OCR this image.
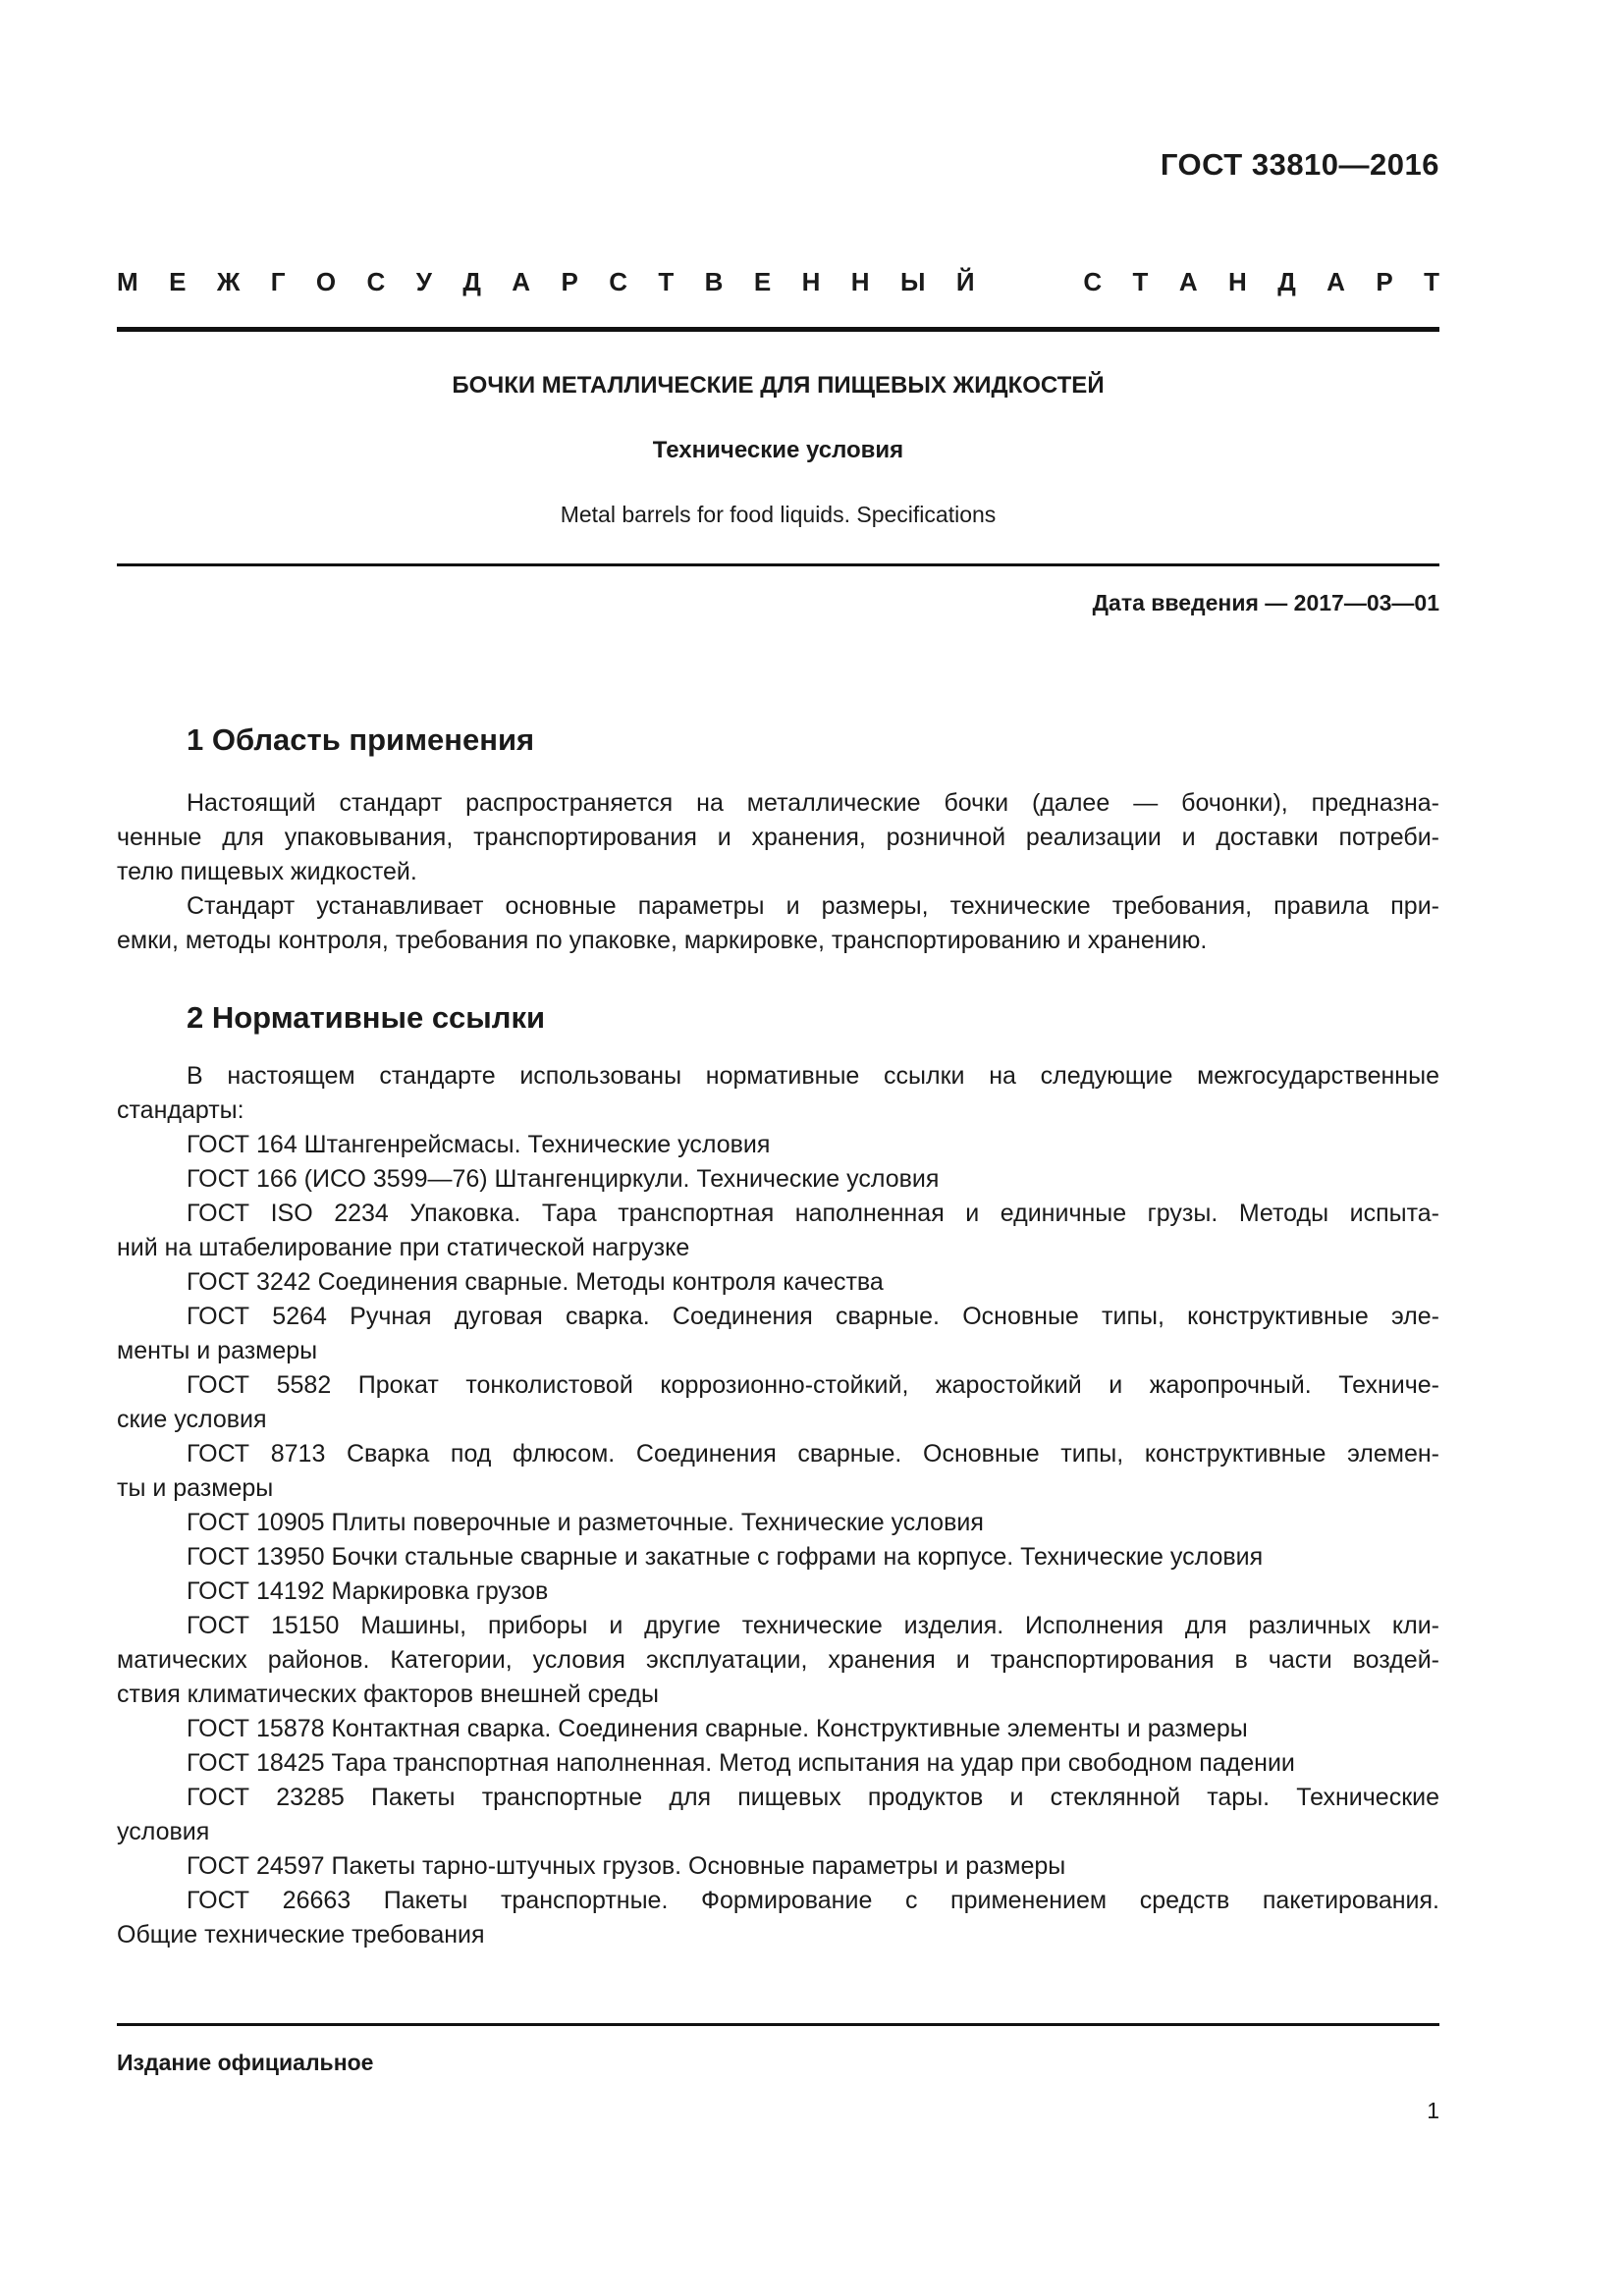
ГОСТ 33810—2016
М Е Ж Г О С У Д А Р С Т В Е Н Н Ы Й	С Т А Н Д А Р Т
БОЧКИ МЕТАЛЛИЧЕСКИЕ ДЛЯ ПИЩЕВЫХ ЖИДКОСТЕЙ
Технические условия
Metal barrels for food liquids. Specifications
Дата введения — 2017—03—01
1 Область применения

Настоящий стандарт распространяется на металлические бочки (далее — бочонки), предназна-
ченные для упаковывания, транспортирования и хранения, розничной реализации и доставки потреби-
телю пищевых жидкостей.

Стандарт устанавливает основные параметры и размеры, технические требования, правила при-
емки, методы контроля, требования по упаковке, маркировке, транспортированию и хранению.

2 Нормативные ссылки

В настоящем стандарте использованы нормативные ссылки на следующие межгосударственные
стандарты:

ГОСТ 164 Штангенрейсмасы. Технические условия

ГОСТ 166 (ИСО 3599—76) Штангенциркули. Технические условия

ГОСТ ISO 2234 Упаковка. Тара транспортная наполненная и единичные грузы. Методы испыта-
ний на штабелирование при статической нагрузке

ГОСТ 3242 Соединения сварные. Методы контроля качества

ГОСТ 5264 Ручная дуговая сварка. Соединения сварные. Основные типы, конструктивные эле-
менты и размеры

ГОСТ 5582 Прокат тонколистовой коррозионно-стойкий, жаростойкий и жаропрочный. Техниче-
ские условия

ГОСТ 8713 Сварка под флюсом. Соединения сварные. Основные типы, конструктивные элемен-
ты и размеры

ГОСТ 10905 Плиты поверочные и разметочные. Технические условия

ГОСТ 13950 Бочки стальные сварные и закатные с гофрами на корпусе. Технические условия

ГОСТ 14192 Маркировка грузов

ГОСТ 15150 Машины, приборы и другие технические изделия. Исполнения для различных кли-
матических районов. Категории, условия эксплуатации, хранения и транспортирования в части воздей-
ствия климатических факторов внешней среды

ГОСТ 15878 Контактная сварка. Соединения сварные. Конструктивные элементы и размеры

ГОСТ 18425 Тара транспортная наполненная. Метод испытания на удар при свободном падении

ГОСТ 23285 Пакеты транспортные для пищевых продуктов и стеклянной тары. Технические
условия

ГОСТ 24597 Пакеты тарно-штучных грузов. Основные параметры и размеры

ГОСТ 26663 Пакеты транспортные. Формирование с применением средств пакетирования.
Общие технические требования

Издание официальное
1
